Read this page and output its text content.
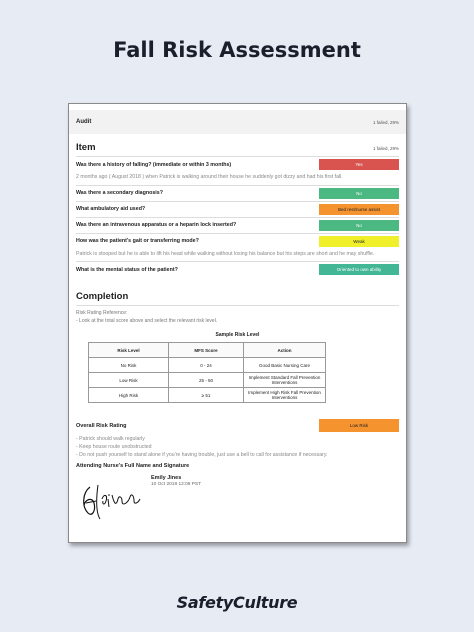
Fall Risk Assessment
Audit	1 failed, 29%
Item	1 failed, 29%
Was there a history of falling? (immediate or within 3 months)	Yes
2 months ago ( August 2018 ) when Patrick is walking around their house he suddenly got dizzy and had his first fall.
Was there a secondary diagnosis?	No
What ambulatory aid used?	Bed rest/nurse assist
Was there an intravenous apparatus or a heparin lock inserted?	No
How was the patient's gait or transferring mode?	Weak
Patrick is stooped but he is able to lift his head while walking without losing his balance but his steps are short and he may shuffle.
What is the mental status of the patient?	Oriented to own ability
Completion
Risk Rating Reference:
- Look at the total score above and select the relevant risk level.
Sample Risk Level
Risk Level	MFS Score	Action
No Risk	0 - 24	Good Basic Nursing Care
Low Risk	25 - 50	Implement Standard Fall Prevention Interventions
High Risk	≥ 51	Implement High Risk Fall Prevention Interventions
Overall Risk Rating	Low Risk
- Patrick should walk regularly
- Keep house route unobstructed
- Do not push yourself to stand alone if you're having trouble, just use a bell to call for assistance if necessary.
Attending Nurse's Full Name and Signature
Emily Jines
10 Oct 2018 12:08 PST
SafetyCulture
